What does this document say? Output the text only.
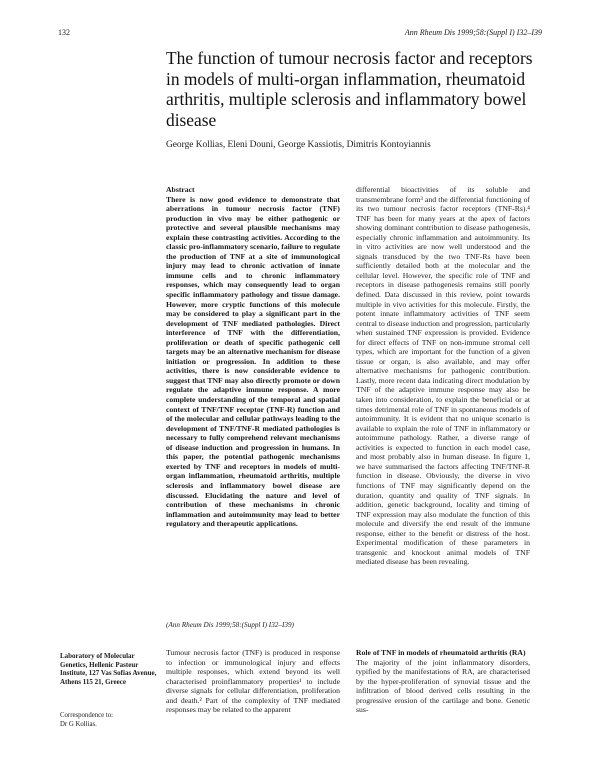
132	Ann Rheum Dis 1999;58:(Suppl I) I32–I39
The function of tumour necrosis factor and receptors in models of multi-organ inflammation, rheumatoid arthritis, multiple sclerosis and inflammatory bowel disease
George Kollias, Eleni Douni, George Kassiotis, Dimitris Kontoyiannis
Abstract
There is now good evidence to demonstrate that aberrations in tumour necrosis factor (TNF) production in vivo may be either pathogenic or protective and several plausible mechanisms may explain these contrasting activities. According to the classic pro-inflammatory scenario, failure to regulate the production of TNF at a site of immunological injury may lead to chronic activation of innate immune cells and to chronic inflammatory responses, which may consequently lead to organ specific inflammatory pathology and tissue damage. However, more cryptic functions of this molecule may be considered to play a significant part in the development of TNF mediated pathologies. Direct interference of TNF with the differentiation, proliferation or death of specific pathogenic cell targets may be an alternative mechanism for disease initiation or progression. In addition to these activities, there is now considerable evidence to suggest that TNF may also directly promote or down regulate the adaptive immune response. A more complete understanding of the temporal and spatial context of TNF/TNF receptor (TNF-R) function and of the molecular and cellular pathways leading to the development of TNF/TNF-R mediated pathologies is necessary to fully comprehend relevant mechanisms of disease induction and progression in humans. In this paper, the potential pathogenic mechanisms exerted by TNF and receptors in models of multi-organ inflammation, rheumatoid arthritis, multiple sclerosis and inflammatory bowel disease are discussed. Elucidating the nature and level of contribution of these mechanisms in chronic inflammation and autoimmunity may lead to better regulatory and therapeutic applications.
(Ann Rheum Dis 1999;58:(Suppl I) I32–I39)
Tumour necrosis factor (TNF) is produced in response to infection or immunological injury and effects multiple responses, which extend beyond its well characterised proinflammatory properties¹ to include diverse signals for cellular differentiation, proliferation and death.² Part of the complexity of TNF mediated responses may be related to the apparent
differential bioactivities of its soluble and transmembrane form³ and the differential functioning of its two tumour necrosis factor receptors (TNF-Rs).⁴ TNF has been for many years at the apex of factors showing dominant contribution to disease pathogenesis, especially chronic inflammation and autoimmunity. Its in vitro activities are now well understood and the signals transduced by the two TNF-Rs have been sufficiently detailed both at the molecular and the cellular level. However, the specific role of TNF and receptors in disease pathogenesis remains still poorly defined. Data discussed in this review, point towards multiple in vivo activities for this molecule. Firstly, the potent innate inflammatory activities of TNF seem central to disease induction and progression, particularly when sustained TNF expression is provided. Evidence for direct effects of TNF on non-immune stromal cell types, which are important for the function of a given tissue or organ, is also available, and may offer alternative mechanisms for pathogenic contribution. Lastly, more recent data indicating direct modulation by TNF of the adaptive immune response may also be taken into consideration, to explain the beneficial or at times detrimental role of TNF in spontaneous models of autoimmunity. It is evident that no unique scenario is available to explain the role of TNF in inflammatory or autoimmune pathology. Rather, a diverse range of activities is expected to function in each model case, and most probably also in human disease. In figure 1, we have summarised the factors affecting TNF/TNF-R function in disease. Obviously, the diverse in vivo functions of TNF may significantly depend on the duration, quantity and quality of TNF signals. In addition, genetic background, locality and timing of TNF expression may also modulate the function of this molecule and diversify the end result of the immune response, either to the benefit or distress of the host. Experimental modification of these parameters in transgenic and knockout animal models of TNF mediated disease has been revealing.
Role of TNF in models of rheumatoid arthritis (RA)
The majority of the joint inflammatory disorders, typified by the manifestations of RA, are characterised by the hyper-proliferation of synovial tissue and the infiltration of blood derived cells resulting in the progressive erosion of the cartilage and bone. Genetic sus-
Laboratory of Molecular Genetics, Hellenic Pasteur Institute, 127 Vas Sofias Avenue, Athens 115 21, Greece
Correspondence to:
Dr G Kollias.
